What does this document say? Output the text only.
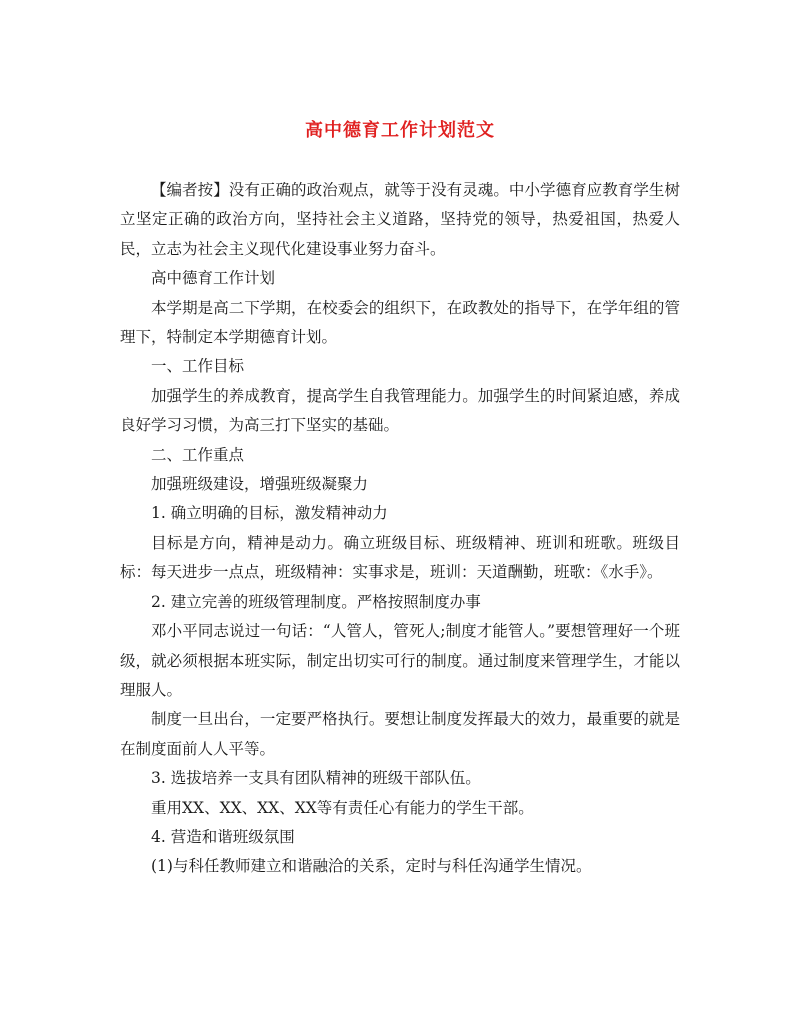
高中德育工作计划范文

【编者按】没有正确的政治观点，就等于没有灵魂。中小学德育应教育学生树立坚定正确的政治方向，坚持社会主义道路，坚持党的领导，热爱祖国，热爱人民，立志为社会主义现代化建设事业努力奋斗。

高中德育工作计划

本学期是高二下学期，在校委会的组织下，在政教处的指导下，在学年组的管理下，特制定本学期德育计划。

一、工作目标

加强学生的养成教育，提高学生自我管理能力。加强学生的时间紧迫感，养成良好学习习惯，为高三打下坚实的基础。

二、工作重点

加强班级建设，增强班级凝聚力

1. 确立明确的目标，激发精神动力

目标是方向，精神是动力。确立班级目标、班级精神、班训和班歌。班级目标：每天进步一点点，班级精神：实事求是，班训：天道酬勤，班歌：《水手》。

2. 建立完善的班级管理制度。严格按照制度办事

邓小平同志说过一句话：“人管人，管死人;制度才能管人。”要想管理好一个班级，就必须根据本班实际，制定出切实可行的制度。通过制度来管理学生，才能以理服人。

制度一旦出台，一定要严格执行。要想让制度发挥最大的效力，最重要的就是在制度面前人人平等。

3. 选拔培养一支具有团队精神的班级干部队伍。

重用XX、XX、XX、XX等有责任心有能力的学生干部。

4. 营造和谐班级氛围

(1)与科任教师建立和谐融洽的关系，定时与科任沟通学生情况。
